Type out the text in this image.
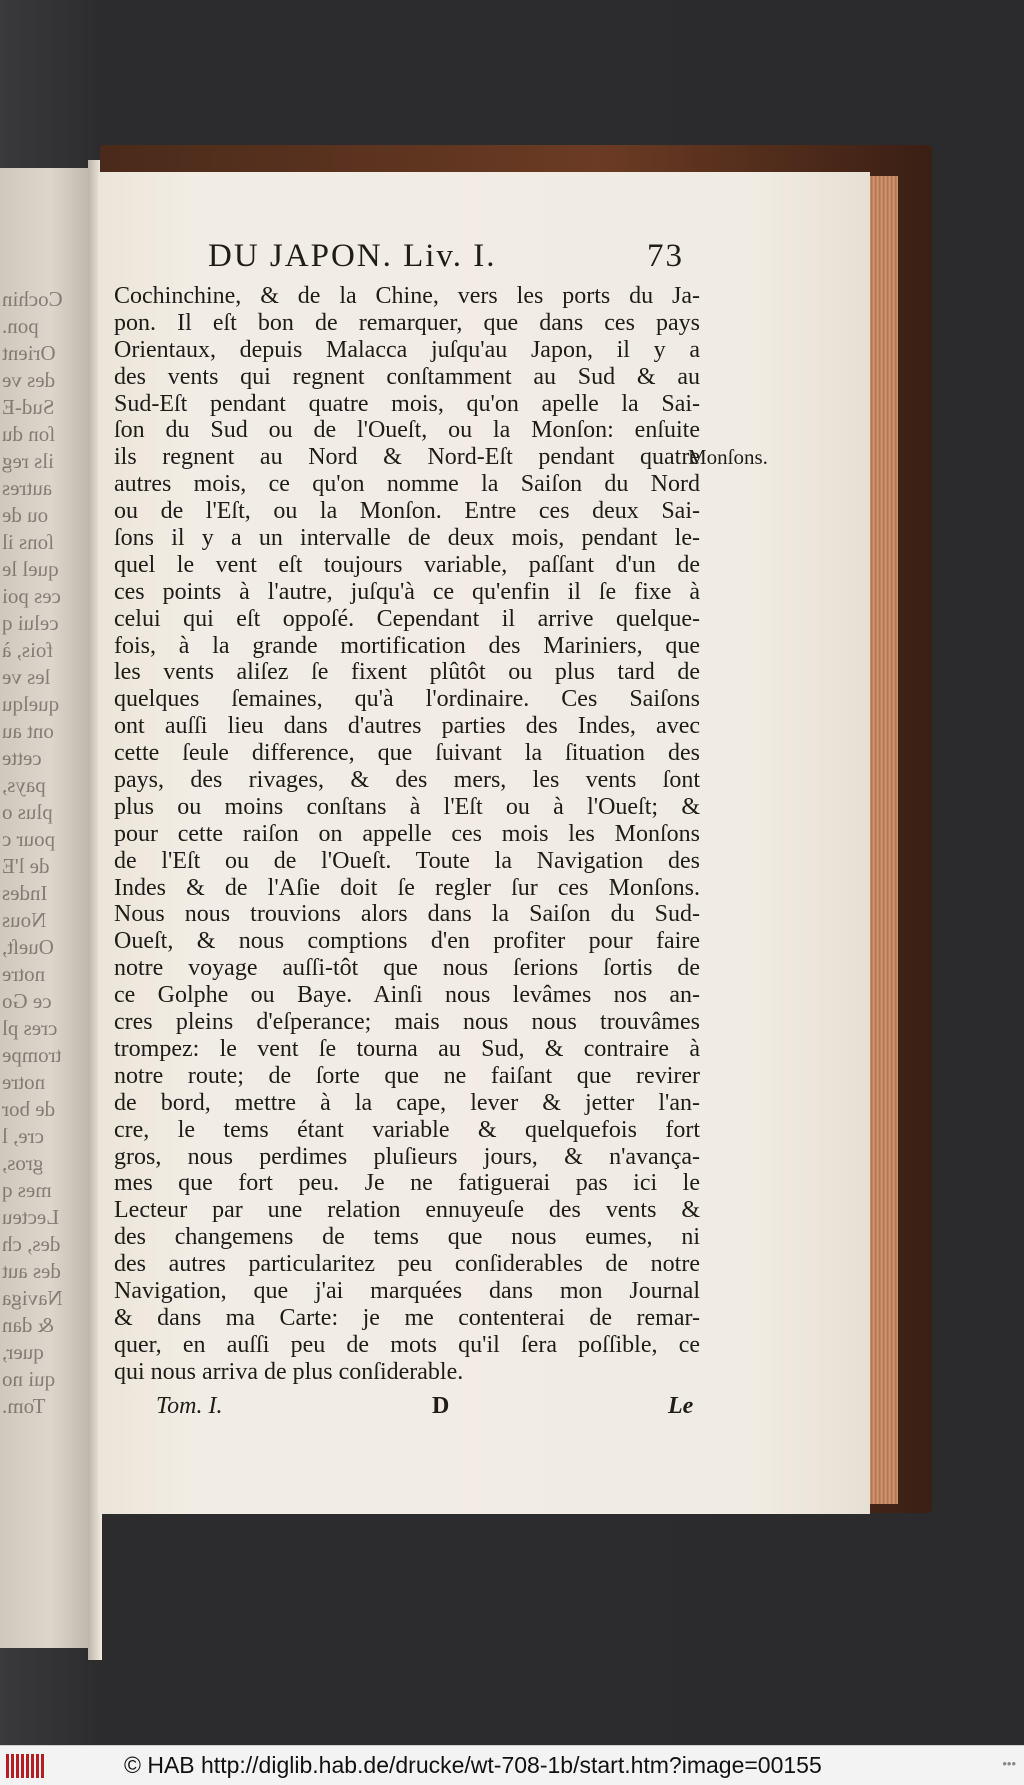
Cochin
pon.
Orient
des ve
Sud-E
ſon du
ils reg
autres
ou de
ſons il
quel le
ces poi
celui q
fois, à
les ve
quelqu
ont au
cette
pays,
plus o
pour c
de l'E
Indes
Nous
Oueſt,
notre
ce Go
cres pl
trompe
notre
de bor
cre, l
gros,
mes q
Lecteu
des, ch
des aut
Naviga
& dan
quer,
qui no
Tom.
DU JAPON. Liv. I.	73
Cochinchine, & de la Chine, vers les ports du Ja-
pon. Il eſt bon de remarquer, que dans ces pays
Orientaux, depuis Malacca juſqu'au Japon, il y a
des vents qui regnent conſtamment au Sud & au
Sud-Eſt pendant quatre mois, qu'on apelle la Sai-
ſon du Sud ou de l'Oueſt, ou la Monſon: enſuite
ils regnent au Nord & Nord-Eſt pendant quatre
autres mois, ce qu'on nomme la Saiſon du Nord
ou de l'Eſt, ou la Monſon. Entre ces deux Sai-
ſons il y a un intervalle de deux mois, pendant le-
quel le vent eſt toujours variable, paſſant d'un de
ces points à l'autre, juſqu'à ce qu'enfin il ſe fixe à
celui qui eſt oppoſé. Cependant il arrive quelque-
fois, à la grande mortification des Mariniers, que
les vents aliſez ſe fixent plûtôt ou plus tard de
quelques ſemaines, qu'à l'ordinaire. Ces Saiſons
ont auſſi lieu dans d'autres parties des Indes, avec
cette ſeule difference, que ſuivant la ſituation des
pays, des rivages, & des mers, les vents ſont
plus ou moins conſtans à l'Eſt ou à l'Oueſt; &
pour cette raiſon on appelle ces mois les Monſons
de l'Eſt ou de l'Oueſt. Toute la Navigation des
Indes & de l'Aſie doit ſe regler ſur ces Monſons.
Nous nous trouvions alors dans la Saiſon du Sud-
Oueſt, & nous comptions d'en profiter pour faire
notre voyage auſſi-tôt que nous ſerions ſortis de
ce Golphe ou Baye. Ainſi nous levâmes nos an-
cres pleins d'eſperance; mais nous nous trouvâmes
trompez: le vent ſe tourna au Sud, & contraire à
notre route; de ſorte que ne faiſant que revirer
de bord, mettre à la cape, lever & jetter l'an-
cre, le tems étant variable & quelquefois fort
gros, nous perdimes pluſieurs jours, & n'avança-
mes que fort peu. Je ne fatiguerai pas ici le
Lecteur par une relation ennuyeuſe des vents &
des changemens de tems que nous eumes, ni
des autres particularitez peu conſiderables de notre
Navigation, que j'ai marquées dans mon Journal
& dans ma Carte: je me contenterai de remar-
quer, en auſſi peu de mots qu'il ſera poſſible, ce
qui nous arriva de plus conſiderable.
Monſons.
Tom. I.	D	Le
© HAB http://diglib.hab.de/drucke/wt-708-1b/start.htm?image=00155	•••
